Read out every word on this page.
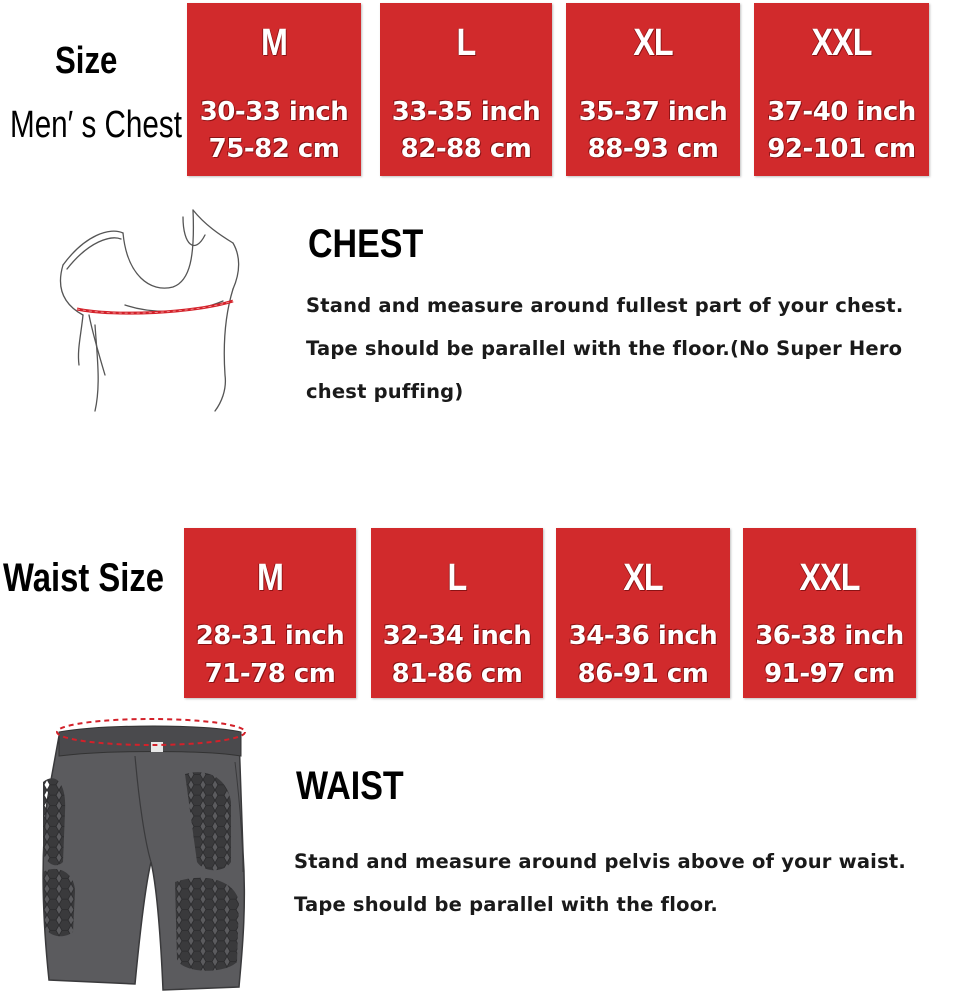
Size
Men′ s Chest
M
30-33 inch
75-82 cm
L
33-35 inch
82-88 cm
XL
35-37 inch
88-93 cm
XXL
37-40 inch
92-101 cm
CHEST
Stand and measure around fullest part of your chest.
Tape should be parallel with the floor.(No Super Hero
chest puffing)
Waist Size	M
28-31 inch
71-78 cm
L
32-34 inch
81-86 cm
XL
34-36 inch
86-91 cm
XXL
36-38 inch
91-97 cm
WAIST
Stand and measure around pelvis above of your waist.
Tape should be parallel with the floor.
